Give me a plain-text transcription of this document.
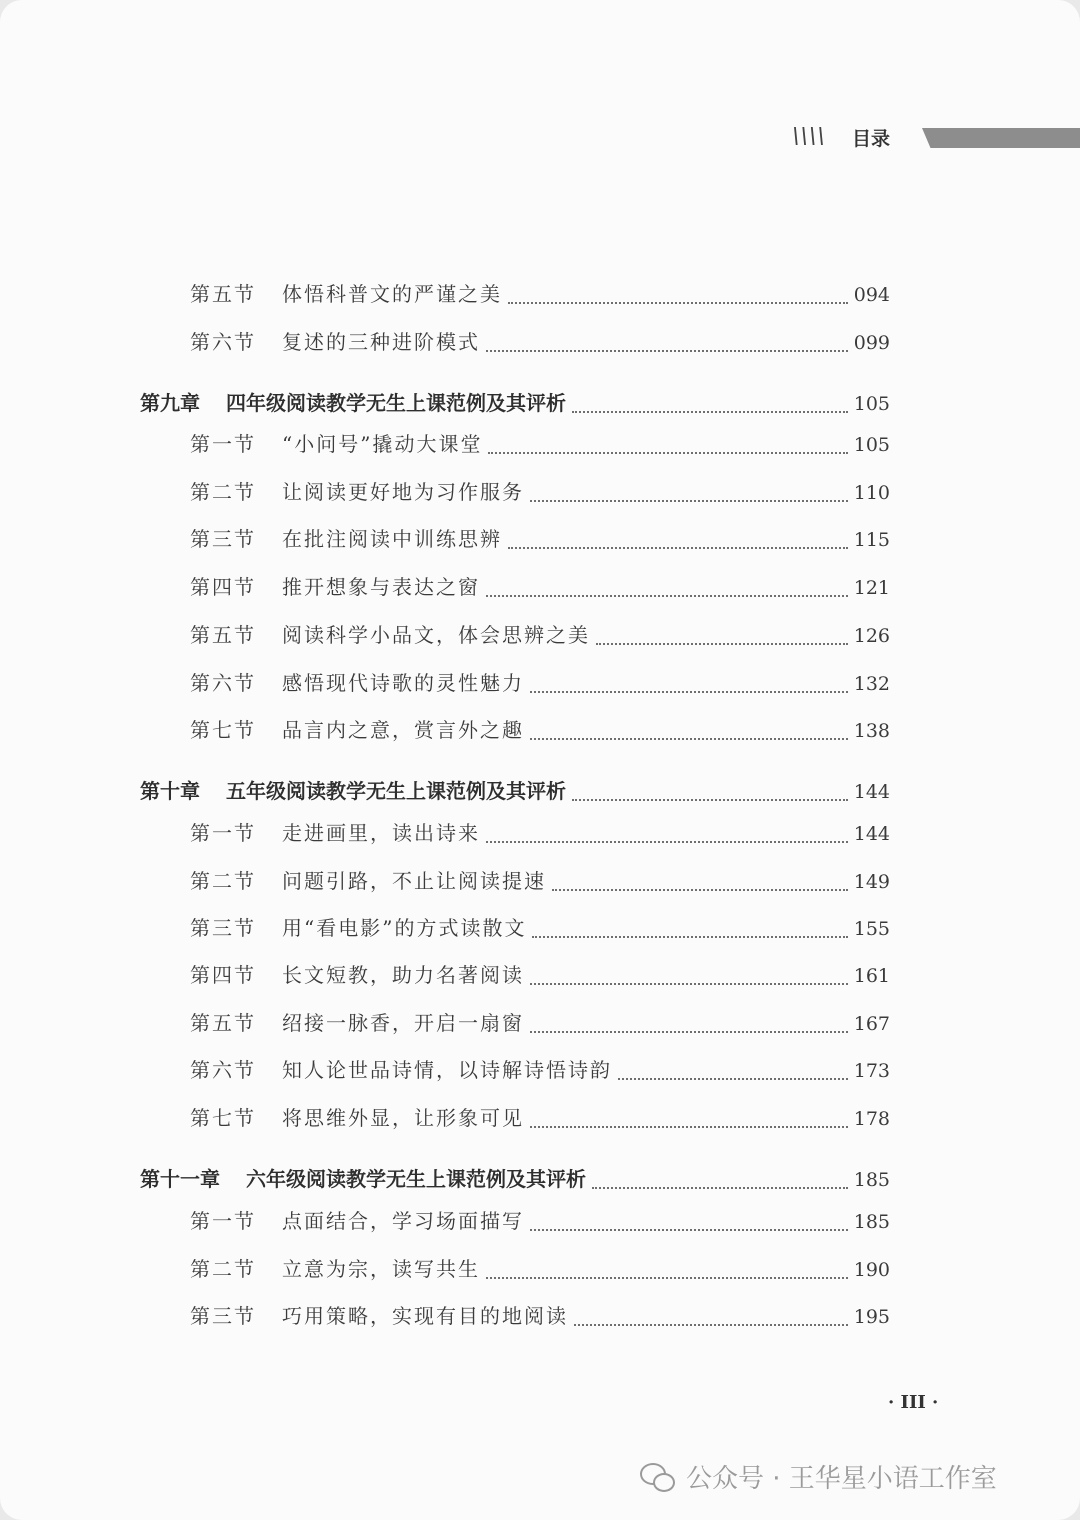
\\\\ 目录
第五节	体悟科普文的严谨之美	094
第六节	复述的三种进阶模式	099
第九章 四年级阅读教学无生上课范例及其评析	105
第一节	“小问号”撬动大课堂	105
第二节	让阅读更好地为习作服务	110
第三节	在批注阅读中训练思辨	115
第四节	推开想象与表达之窗	121
第五节	阅读科学小品文，体会思辨之美	126
第六节	感悟现代诗歌的灵性魅力	132
第七节	品言内之意，赏言外之趣	138
第十章 五年级阅读教学无生上课范例及其评析	144
第一节	走进画里，读出诗来	144
第二节	问题引路，不止让阅读提速	149
第三节	用“看电影”的方式读散文	155
第四节	长文短教，助力名著阅读	161
第五节	绍接一脉香，开启一扇窗	167
第六节	知人论世品诗情，以诗解诗悟诗韵	173
第七节	将思维外显，让形象可见	178
第十一章 六年级阅读教学无生上课范例及其评析	185
第一节	点面结合，学习场面描写	185
第二节	立意为宗，读写共生	190
第三节	巧用策略，实现有目的地阅读	195
· III ·
公众号 · 王华星小语工作室
